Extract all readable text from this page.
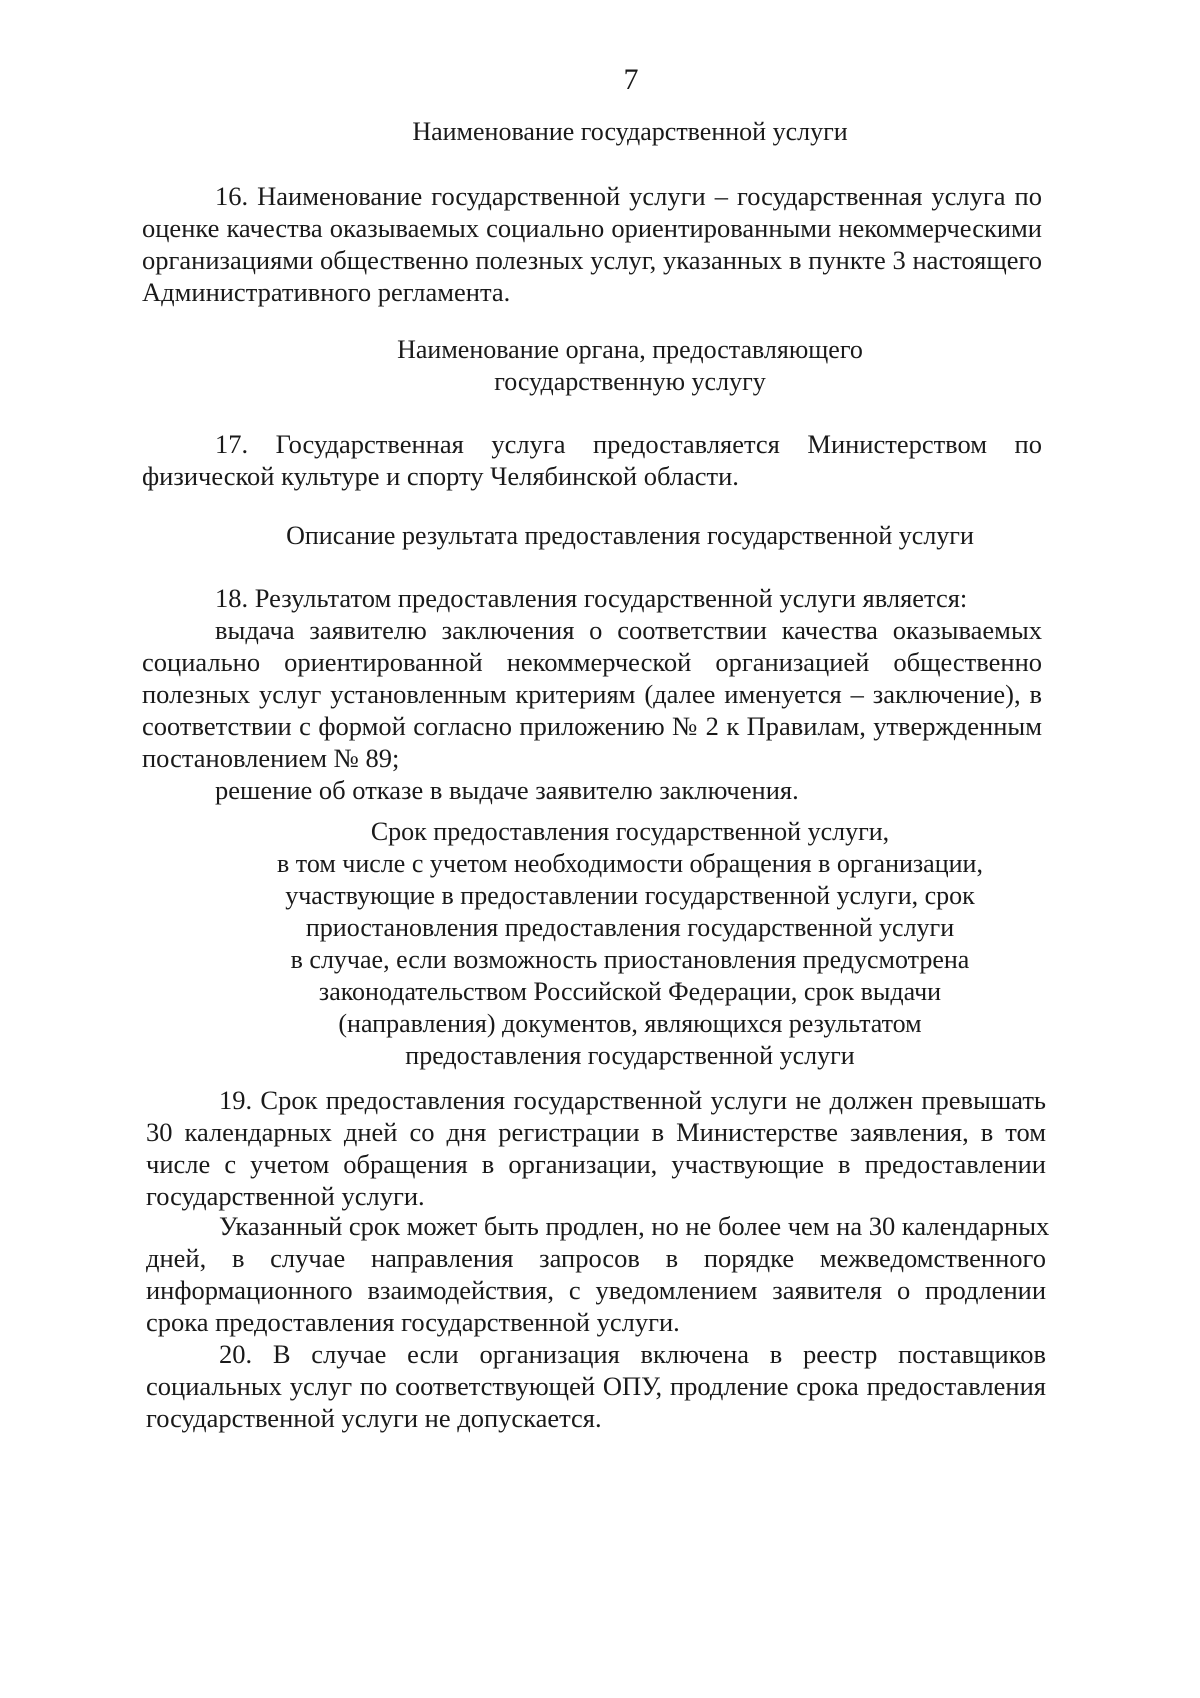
7
Наименование государственной услуги
16. Наименование государственной услуги – государственная услуга по
оценке качества оказываемых социально ориентированными некоммерческими
организациями общественно полезных услуг, указанных в пункте 3 настоящего
Административного регламента.
Наименование органа, предоставляющего
государственную услугу
17. Государственная услуга предоставляется Министерством по
физической культуре и спорту Челябинской области.
Описание результата предоставления государственной услуги
18. Результатом предоставления государственной услуги является:
выдача заявителю заключения о соответствии качества оказываемых
социально ориентированной некоммерческой организацией общественно
полезных услуг установленным критериям (далее именуется – заключение), в
соответствии с формой согласно приложению № 2 к Правилам, утвержденным
постановлением № 89;
решение об отказе в выдаче заявителю заключения.
Срок предоставления государственной услуги,
в том числе с учетом необходимости обращения в организации,
участвующие в предоставлении государственной услуги, срок
приостановления предоставления государственной услуги
в случае, если возможность приостановления предусмотрена
законодательством Российской Федерации, срок выдачи
(направления) документов, являющихся результатом
предоставления государственной услуги
19. Срок предоставления государственной услуги не должен превышать
30 календарных дней со дня регистрации в Министерстве заявления, в том
числе с учетом обращения в организации, участвующие в предоставлении
государственной услуги.
Указанный срок может быть продлен, но не более чем на 30 календарных
дней, в случае направления запросов в порядке межведомственного
информационного взаимодействия, с уведомлением заявителя о продлении
срока предоставления государственной услуги.
20. В случае если организация включена в реестр поставщиков
социальных услуг по соответствующей ОПУ, продление срока предоставления
государственной услуги не допускается.
